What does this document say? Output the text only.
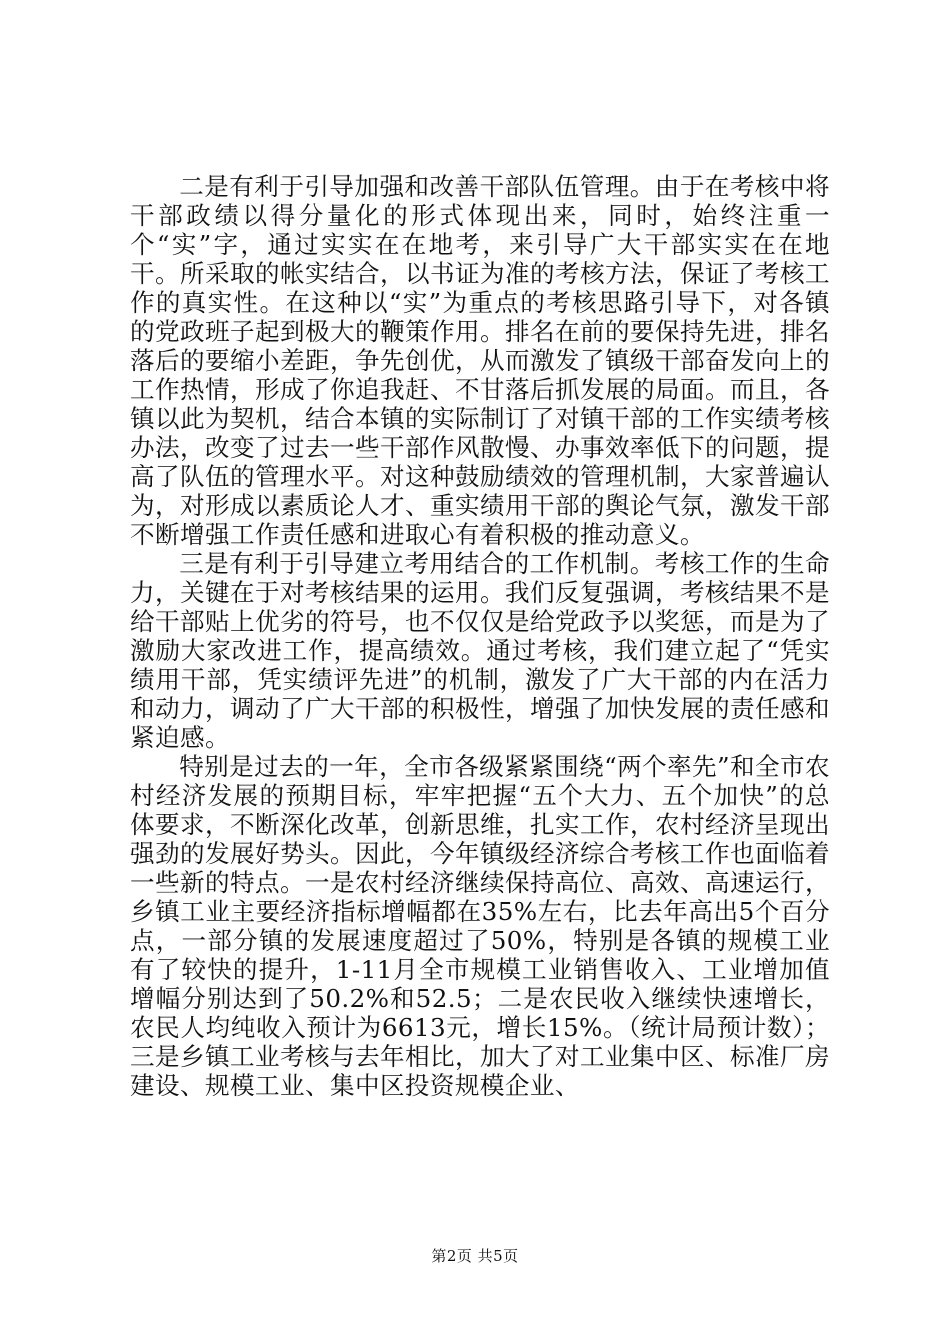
二是有利于引导加强和改善干部队伍管理。由于在考核中将干部政绩以得分量化的形式体现出来，同时，始终注重一个“实”字，通过实实在在地考，来引导广大干部实实在在地干。所采取的帐实结合，以书证为准的考核方法，保证了考核工作的真实性。在这种以“实”为重点的考核思路引导下，对各镇的党政班子起到极大的鞭策作用。排名在前的要保持先进，排名落后的要缩小差距，争先创优，从而激发了镇级干部奋发向上的工作热情，形成了你追我赶、不甘落后抓发展的局面。而且，各镇以此为契机，结合本镇的实际制订了对镇干部的工作实绩考核办法，改变了过去一些干部作风散慢、办事效率低下的问题，提高了队伍的管理水平。对这种鼓励绩效的管理机制，大家普遍认为，对形成以素质论人才、重实绩用干部的舆论气氛，激发干部不断增强工作责任感和进取心有着积极的推动意义。

三是有利于引导建立考用结合的工作机制。考核工作的生命力，关键在于对考核结果的运用。我们反复强调，考核结果不是给干部贴上优劣的符号，也不仅仅是给党政予以奖惩，而是为了激励大家改进工作，提高绩效。通过考核，我们建立起了“凭实绩用干部，凭实绩评先进”的机制，激发了广大干部的内在活力和动力，调动了广大干部的积极性，增强了加快发展的责任感和紧迫感。

特别是过去的一年，全市各级紧紧围绕“两个率先”和全市农村经济发展的预期目标，牢牢把握“五个大力、五个加快”的总体要求，不断深化改革，创新思维，扎实工作，农村经济呈现出强劲的发展好势头。因此，今年镇级经济综合考核工作也面临着一些新的特点。一是农村经济继续保持高位、高效、高速运行，乡镇工业主要经济指标增幅都在35%左右，比去年高出5个百分点，一部分镇的发展速度超过了50%，特别是各镇的规模工业有了较快的提升，1-11月全市规模工业销售收入、工业增加值增幅分别达到了50.2%和52.5；二是农民收入继续快速增长，农民人均纯收入预计为6613元，增长15%。（统计局预计数）；三是乡镇工业考核与去年相比，加大了对工业集中区、标准厂房建设、规模工业、集中区投资规模企业、

第2页 共5页
